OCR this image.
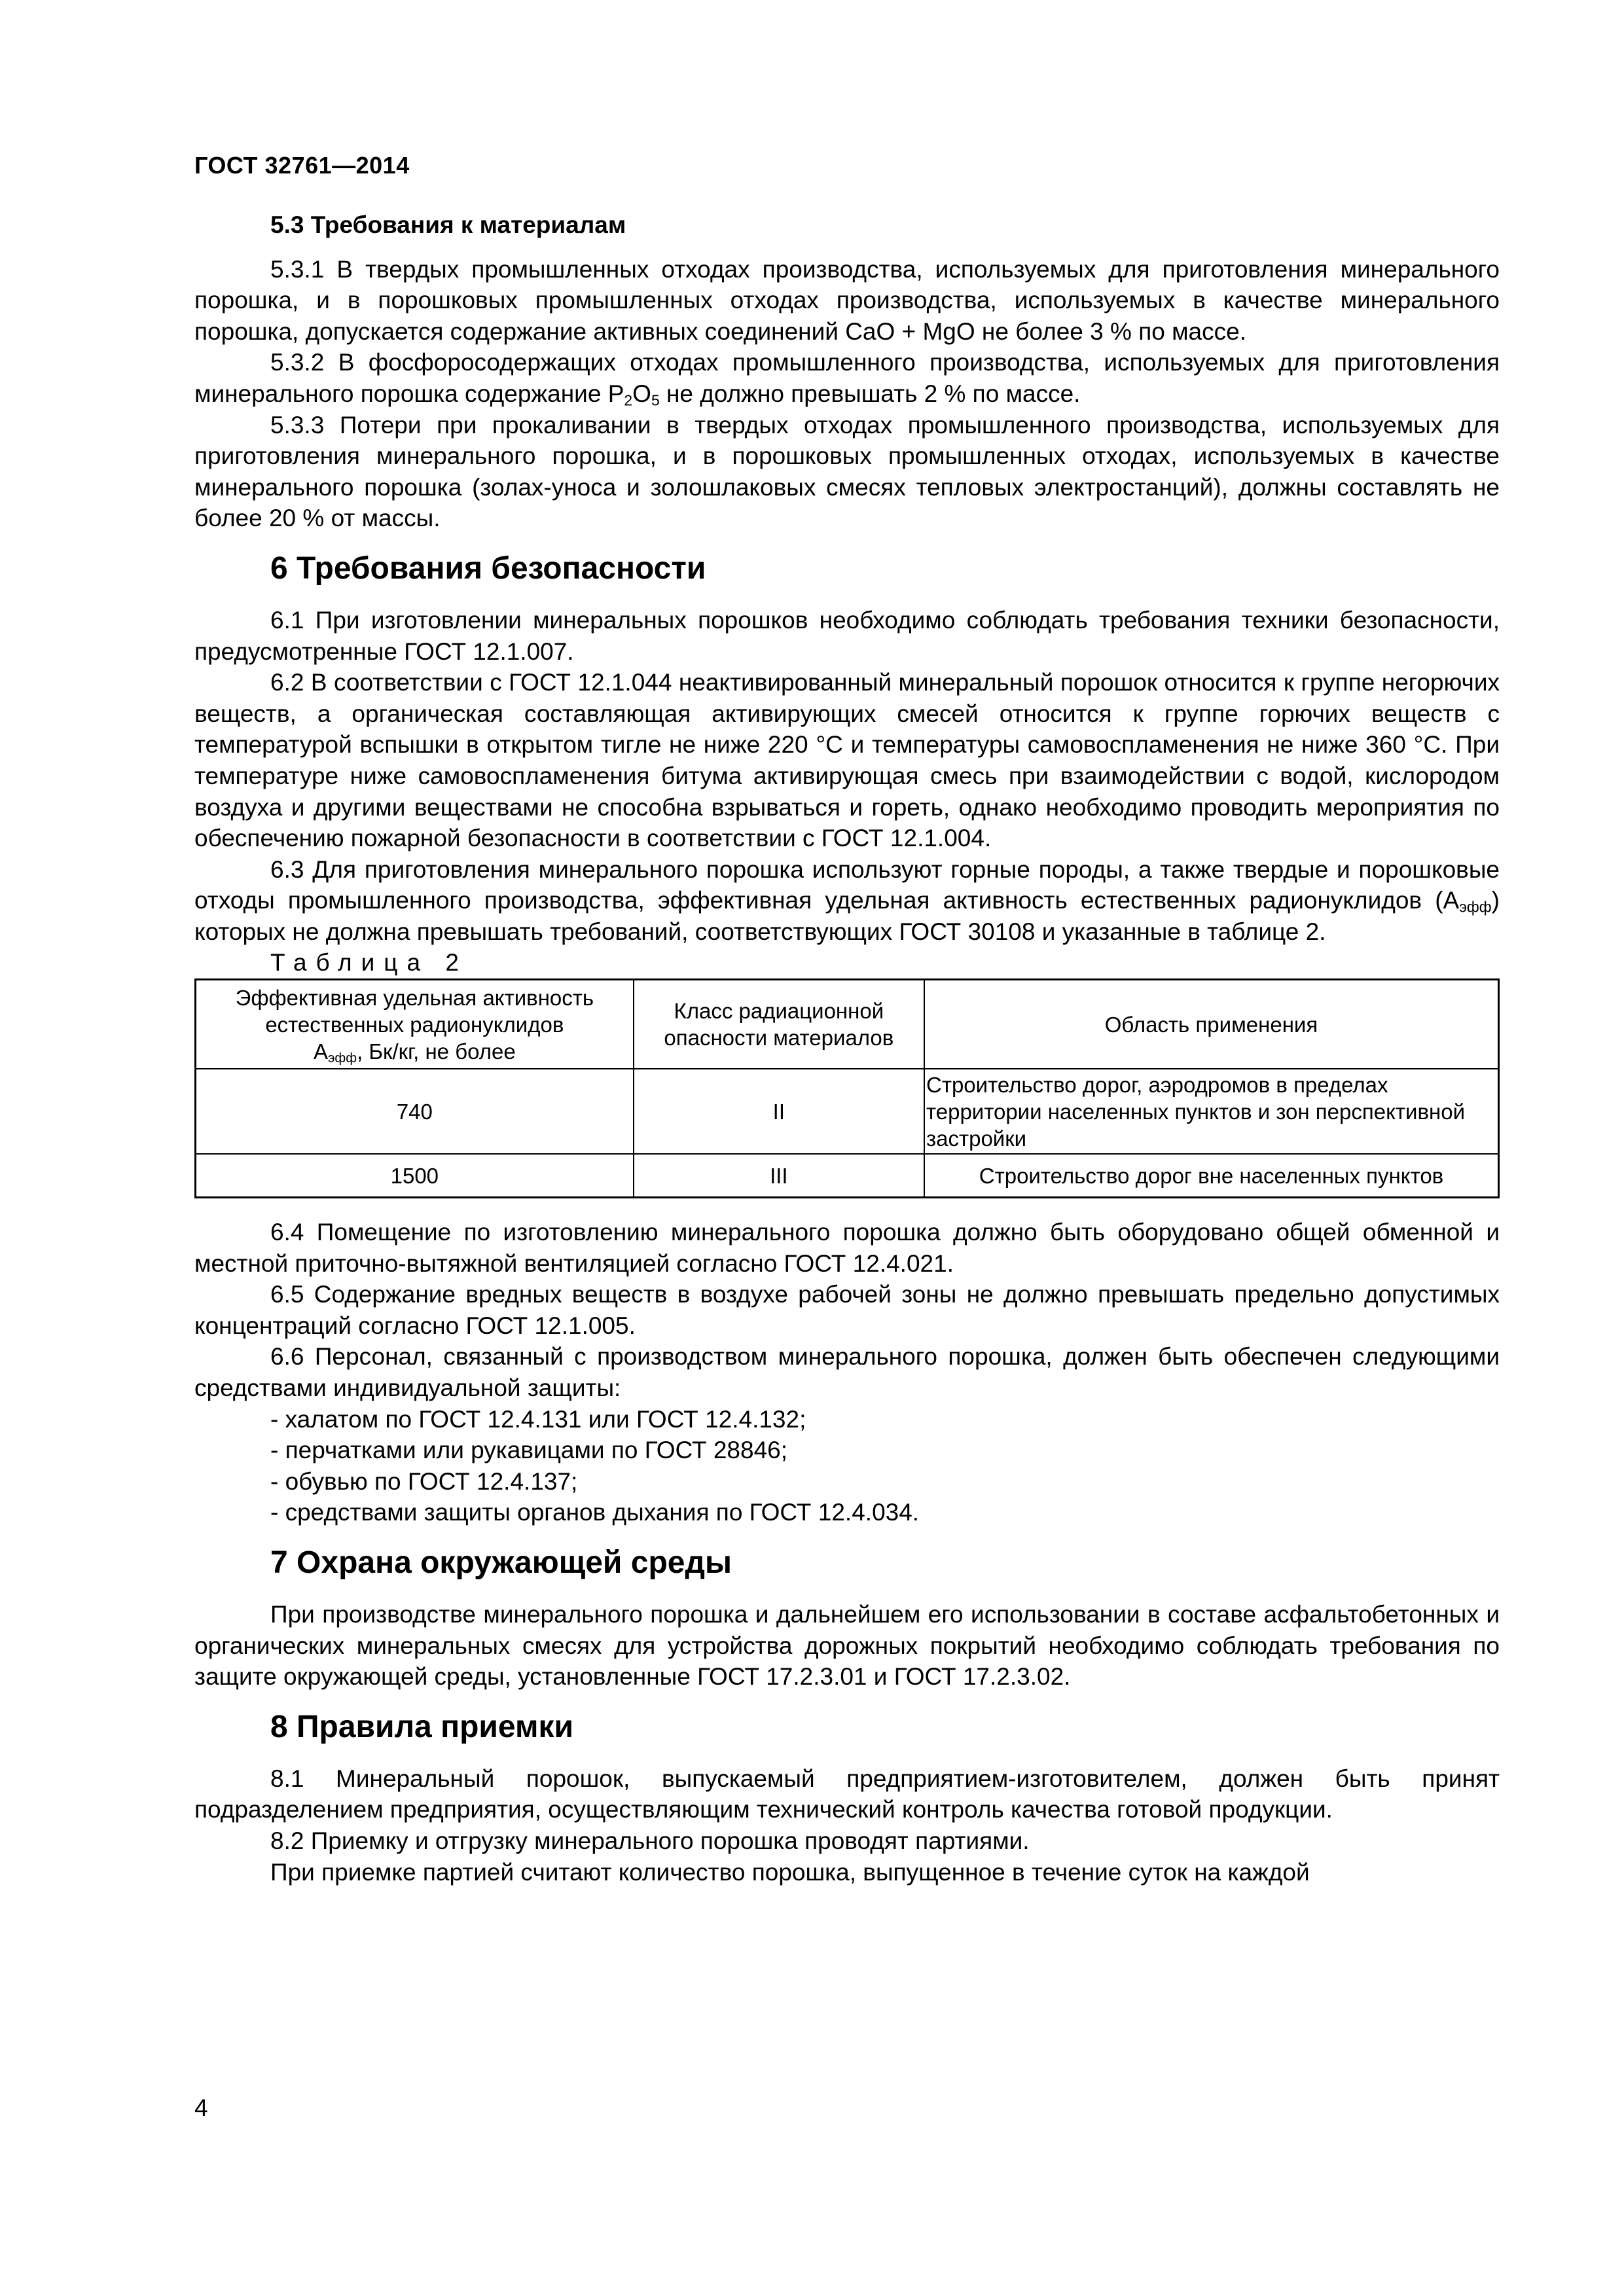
ГОСТ 32761—2014

5.3 Требования к материалам

5.3.1 В твердых промышленных отходах производства, используемых для приготовления минерального порошка, и в порошковых промышленных отходах производства, используемых в качестве минерального порошка, допускается содержание активных соединений CaO + MgO не более 3 % по массе.

5.3.2 В фосфоросодержащих отходах промышленного производства, используемых для приготовления минерального порошка содержание $P_2O_5$ не должно превышать 2 % по массе.

5.3.3 Потери при прокаливании в твердых отходах промышленного производства, используемых для приготовления минерального порошка, и в порошковых промышленных отходах, используемых в качестве минерального порошка (золах-уноса и золошлаковых смесях тепловых электростанций), должны составлять не более 20 % от массы.

6 Требования безопасности

6.1 При изготовлении минеральных порошков необходимо соблюдать требования техники безопасности, предусмотренные ГОСТ 12.1.007.

6.2 В соответствии с ГОСТ 12.1.044 неактивированный минеральный порошок относится к группе негорючих веществ, а органическая составляющая активирующих смесей относится к группе горючих веществ с температурой вспышки в открытом тигле не ниже 220 °С и температуры самовоспламенения не ниже 360 °С. При температуре ниже самовоспламенения битума активирующая смесь при взаимодействии с водой, кислородом воздуха и другими веществами не способна взрываться и гореть, однако необходимо проводить мероприятия по обеспечению пожарной безопасности в соответствии с ГОСТ 12.1.004.

6.3 Для приготовления минерального порошка используют горные породы, а также твердые и порошковые отходы промышленного производства, эффективная удельная активность естественных радионуклидов $(A_{эфф})$ которых не должна превышать требований, соответствующих ГОСТ 30108 и указанные в таблице 2.

Таблица 2

Эффективная удельная активность естественных радионуклидов
$A_{эфф}$, Бк/кг, не более	Класс радиационной опасности материалов	Область применения
740	II	Строительство дорог, аэродромов в пределах территории населенных пунктов и зон перспективной застройки
1500	III	Строительство дорог вне населенных пунктов

6.4 Помещение по изготовлению минерального порошка должно быть оборудовано общей обменной и местной приточно-вытяжной вентиляцией согласно ГОСТ 12.4.021.

6.5 Содержание вредных веществ в воздухе рабочей зоны не должно превышать предельно допустимых концентраций согласно ГОСТ 12.1.005.

6.6 Персонал, связанный с производством минерального порошка, должен быть обеспечен следующими средствами индивидуальной защиты:

- халатом по ГОСТ 12.4.131 или ГОСТ 12.4.132;

- перчатками или рукавицами по ГОСТ 28846;

- обувью по ГОСТ 12.4.137;

- средствами защиты органов дыхания по ГОСТ 12.4.034.

7 Охрана окружающей среды

При производстве минерального порошка и дальнейшем его использовании в составе асфальтобетонных и органических минеральных смесях для устройства дорожных покрытий необходимо соблюдать требования по защите окружающей среды, установленные ГОСТ 17.2.3.01 и ГОСТ 17.2.3.02.

8 Правила приемки

8.1 Минеральный порошок, выпускаемый предприятием-изготовителем, должен быть принят подразделением предприятия, осуществляющим технический контроль качества готовой продукции.

8.2 Приемку и отгрузку минерального порошка проводят партиями.

При приемке партией считают количество порошка, выпущенное в течение суток на каждой

4
